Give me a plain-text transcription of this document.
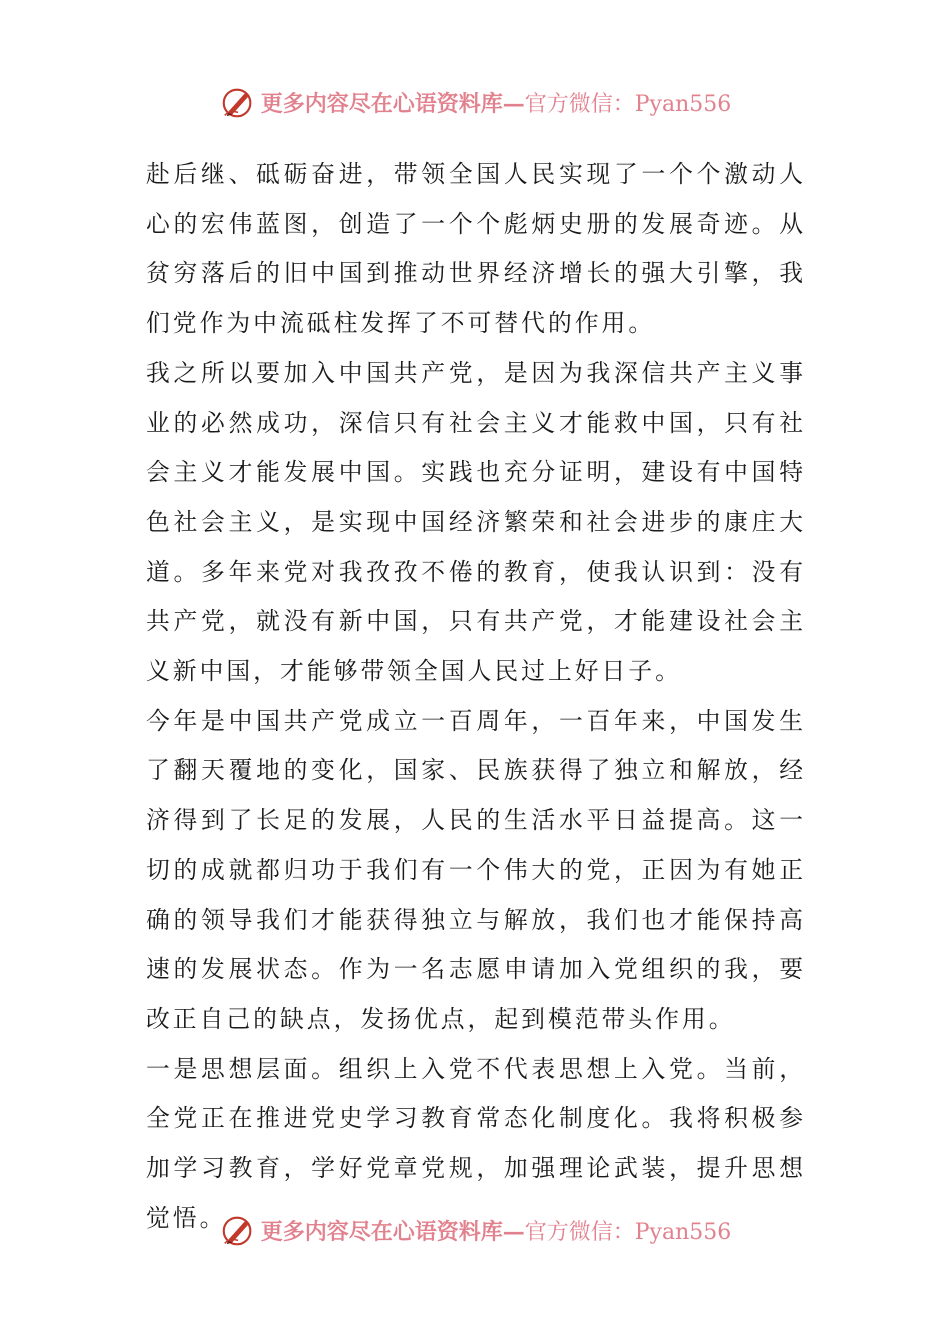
更多内容尽在心语资料库— 官方微信：Pyan556

赴后继、砥砺奋进，带领全国人民实现了一个个激动人心的宏伟蓝图，创造了一个个彪炳史册的发展奇迹。从贫穷落后的旧中国到推动世界经济增长的强大引擎，我们党作为中流砥柱发挥了不可替代的作用。

我之所以要加入中国共产党，是因为我深信共产主义事业的必然成功，深信只有社会主义才能救中国，只有社会主义才能发展中国。实践也充分证明，建设有中国特色社会主义，是实现中国经济繁荣和社会进步的康庄大道。多年来党对我孜孜不倦的教育，使我认识到：没有共产党，就没有新中国，只有共产党，才能建设社会主义新中国，才能够带领全国人民过上好日子。

今年是中国共产党成立一百周年，一百年来，中国发生了翻天覆地的变化，国家、民族获得了独立和解放，经济得到了长足的发展，人民的生活水平日益提高。这一切的成就都归功于我们有一个伟大的党，正因为有她正确的领导我们才能获得独立与解放，我们也才能保持高速的发展状态。作为一名志愿申请加入党组织的我，要改正自己的缺点，发扬优点，起到模范带头作用。

一是思想层面。组织上入党不代表思想上入党。当前，全党正在推进党史学习教育常态化制度化。我将积极参加学习教育，学好党章党规，加强理论武装，提升思想觉悟。	更多内容尽在心语资料库— 官方微信：Pyan556
